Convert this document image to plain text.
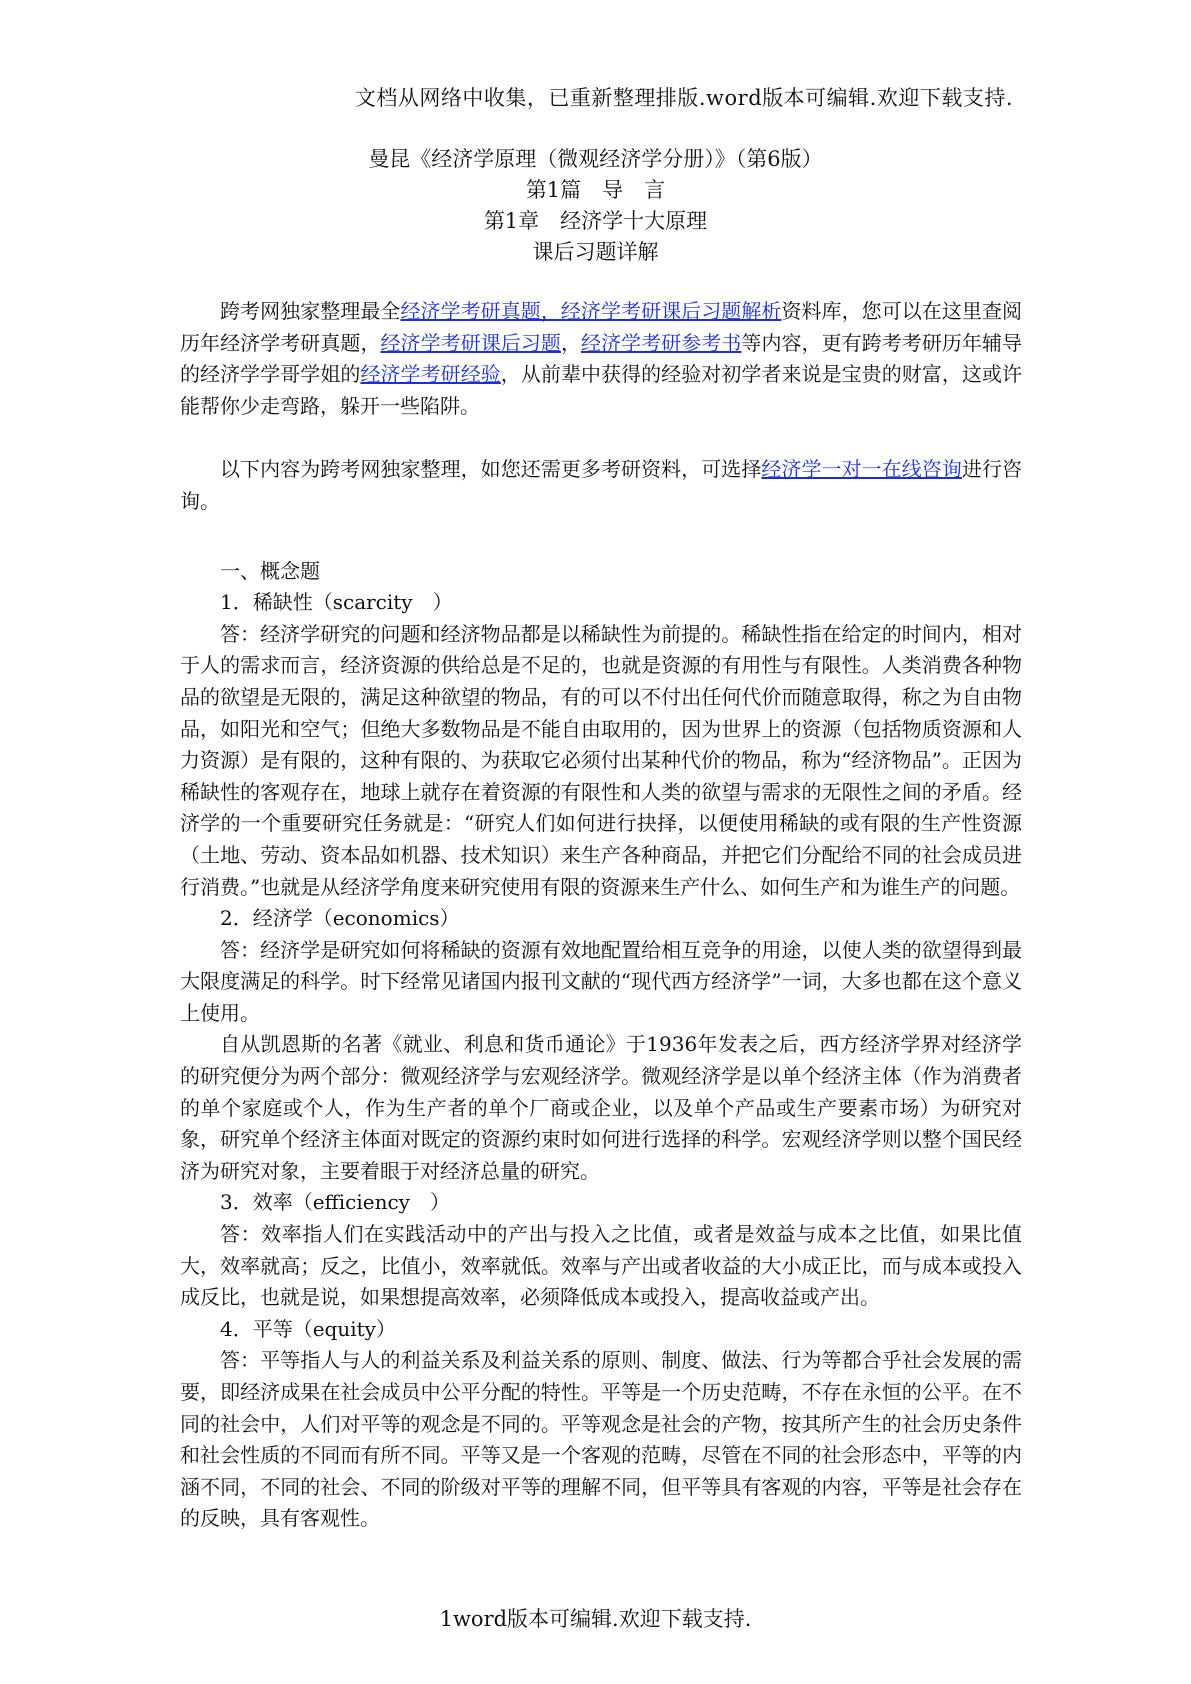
文档从网络中收集，已重新整理排版.word版本可编辑.欢迎下载支持.
曼昆《经济学原理（微观经济学分册）》（第6版）
第1篇　导　言
第1章　经济学十大原理
课后习题详解

跨考网独家整理最全经济学考研真题，经济学考研课后习题解析资料库，您可以在这里查阅历年经济学考研真题，经济学考研课后习题，经济学考研参考书等内容，更有跨考考研历年辅导的经济学学哥学姐的经济学考研经验，从前辈中获得的经验对初学者来说是宝贵的财富，这或许能帮你少走弯路，躲开一些陷阱。

以下内容为跨考网独家整理，如您还需更多考研资料，可选择经济学一对一在线咨询进行咨询。

一、概念题

1．稀缺性（scarcity　）

答：经济学研究的问题和经济物品都是以稀缺性为前提的。稀缺性指在给定的时间内，相对于人的需求而言，经济资源的供给总是不足的，也就是资源的有用性与有限性。人类消费各种物品的欲望是无限的，满足这种欲望的物品，有的可以不付出任何代价而随意取得，称之为自由物品，如阳光和空气；但绝大多数物品是不能自由取用的，因为世界上的资源（包括物质资源和人力资源）是有限的，这种有限的、为获取它必须付出某种代价的物品，称为“经济物品”。正因为稀缺性的客观存在，地球上就存在着资源的有限性和人类的欲望与需求的无限性之间的矛盾。经济学的一个重要研究任务就是：“研究人们如何进行抉择，以便使用稀缺的或有限的生产性资源（土地、劳动、资本品如机器、技术知识）来生产各种商品，并把它们分配给不同的社会成员进行消费。”也就是从经济学角度来研究使用有限的资源来生产什么、如何生产和为谁生产的问题。

2．经济学（economics）

答：经济学是研究如何将稀缺的资源有效地配置给相互竞争的用途，以使人类的欲望得到最大限度满足的科学。时下经常见诸国内报刊文献的“现代西方经济学”一词，大多也都在这个意义上使用。

自从凯恩斯的名著《就业、利息和货币通论》于1936年发表之后，西方经济学界对经济学的研究便分为两个部分：微观经济学与宏观经济学。微观经济学是以单个经济主体（作为消费者的单个家庭或个人，作为生产者的单个厂商或企业，以及单个产品或生产要素市场）为研究对象，研究单个经济主体面对既定的资源约束时如何进行选择的科学。宏观经济学则以整个国民经济为研究对象，主要着眼于对经济总量的研究。

3．效率（efficiency　）

答：效率指人们在实践活动中的产出与投入之比值，或者是效益与成本之比值，如果比值大，效率就高；反之，比值小，效率就低。效率与产出或者收益的大小成正比，而与成本或投入成反比，也就是说，如果想提高效率，必须降低成本或投入，提高收益或产出。

4．平等（equity）

答：平等指人与人的利益关系及利益关系的原则、制度、做法、行为等都合乎社会发展的需要，即经济成果在社会成员中公平分配的特性。平等是一个历史范畴，不存在永恒的公平。在不同的社会中，人们对平等的观念是不同的。平等观念是社会的产物，按其所产生的社会历史条件和社会性质的不同而有所不同。平等又是一个客观的范畴，尽管在不同的社会形态中，平等的内涵不同，不同的社会、不同的阶级对平等的理解不同，但平等具有客观的内容，平等是社会存在的反映，具有客观性。

1word版本可编辑.欢迎下载支持.
